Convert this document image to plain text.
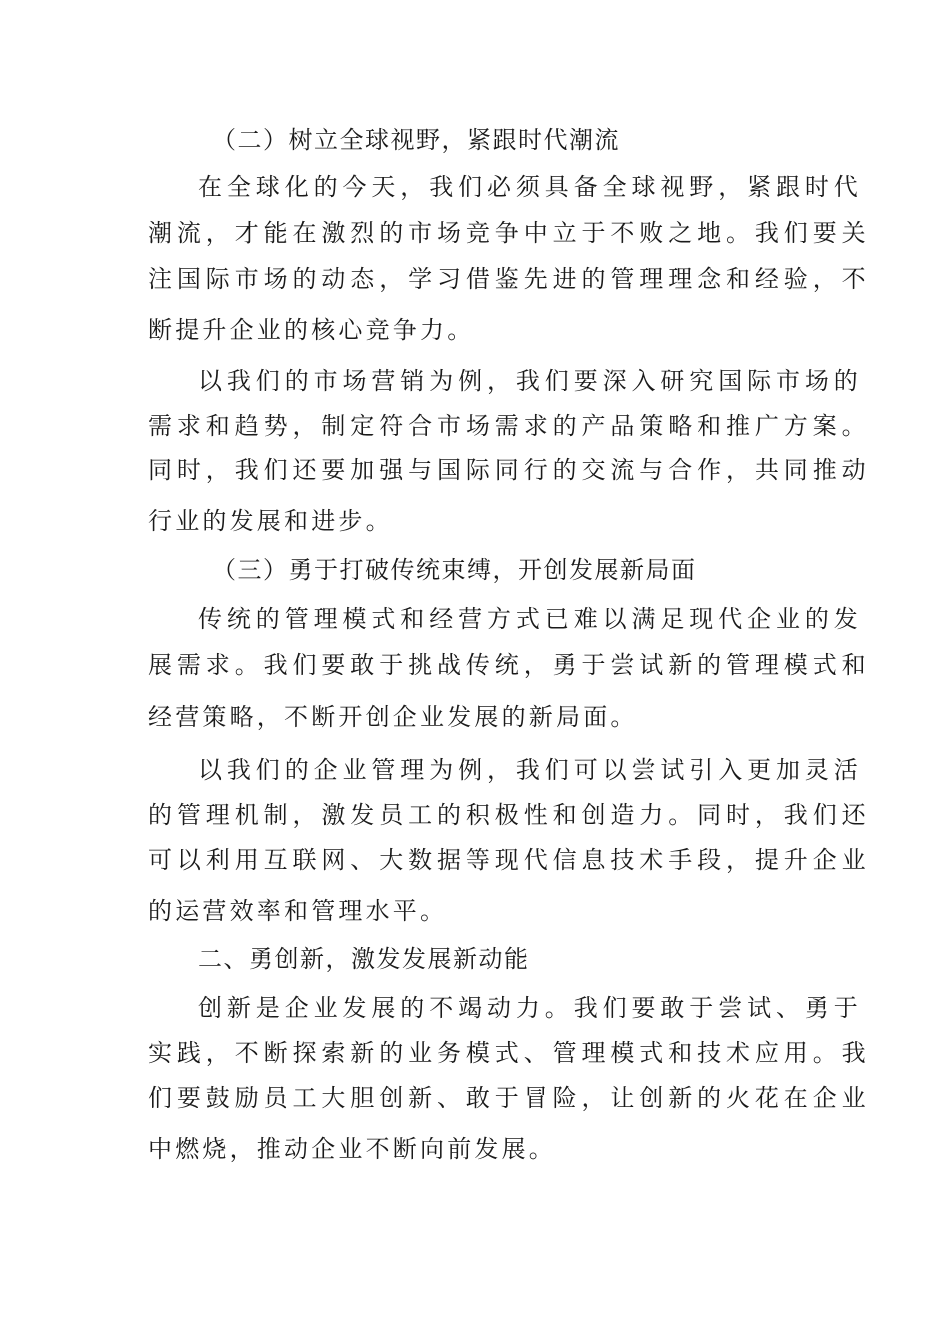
（二）树立全球视野，紧跟时代潮流
在全球化的今天，我们必须具备全球视野，紧跟时代
潮流，才能在激烈的市场竞争中立于不败之地。我们要关
注国际市场的动态，学习借鉴先进的管理理念和经验，不
断提升企业的核心竞争力。
以我们的市场营销为例，我们要深入研究国际市场的
需求和趋势，制定符合市场需求的产品策略和推广方案。
同时，我们还要加强与国际同行的交流与合作，共同推动
行业的发展和进步。
（三）勇于打破传统束缚，开创发展新局面
传统的管理模式和经营方式已难以满足现代企业的发
展需求。我们要敢于挑战传统，勇于尝试新的管理模式和
经营策略，不断开创企业发展的新局面。
以我们的企业管理为例，我们可以尝试引入更加灵活
的管理机制，激发员工的积极性和创造力。同时，我们还
可以利用互联网、大数据等现代信息技术手段，提升企业
的运营效率和管理水平。
二、勇创新，激发发展新动能
创新是企业发展的不竭动力。我们要敢于尝试、勇于
实践，不断探索新的业务模式、管理模式和技术应用。我
们要鼓励员工大胆创新、敢于冒险，让创新的火花在企业
中燃烧，推动企业不断向前发展。
